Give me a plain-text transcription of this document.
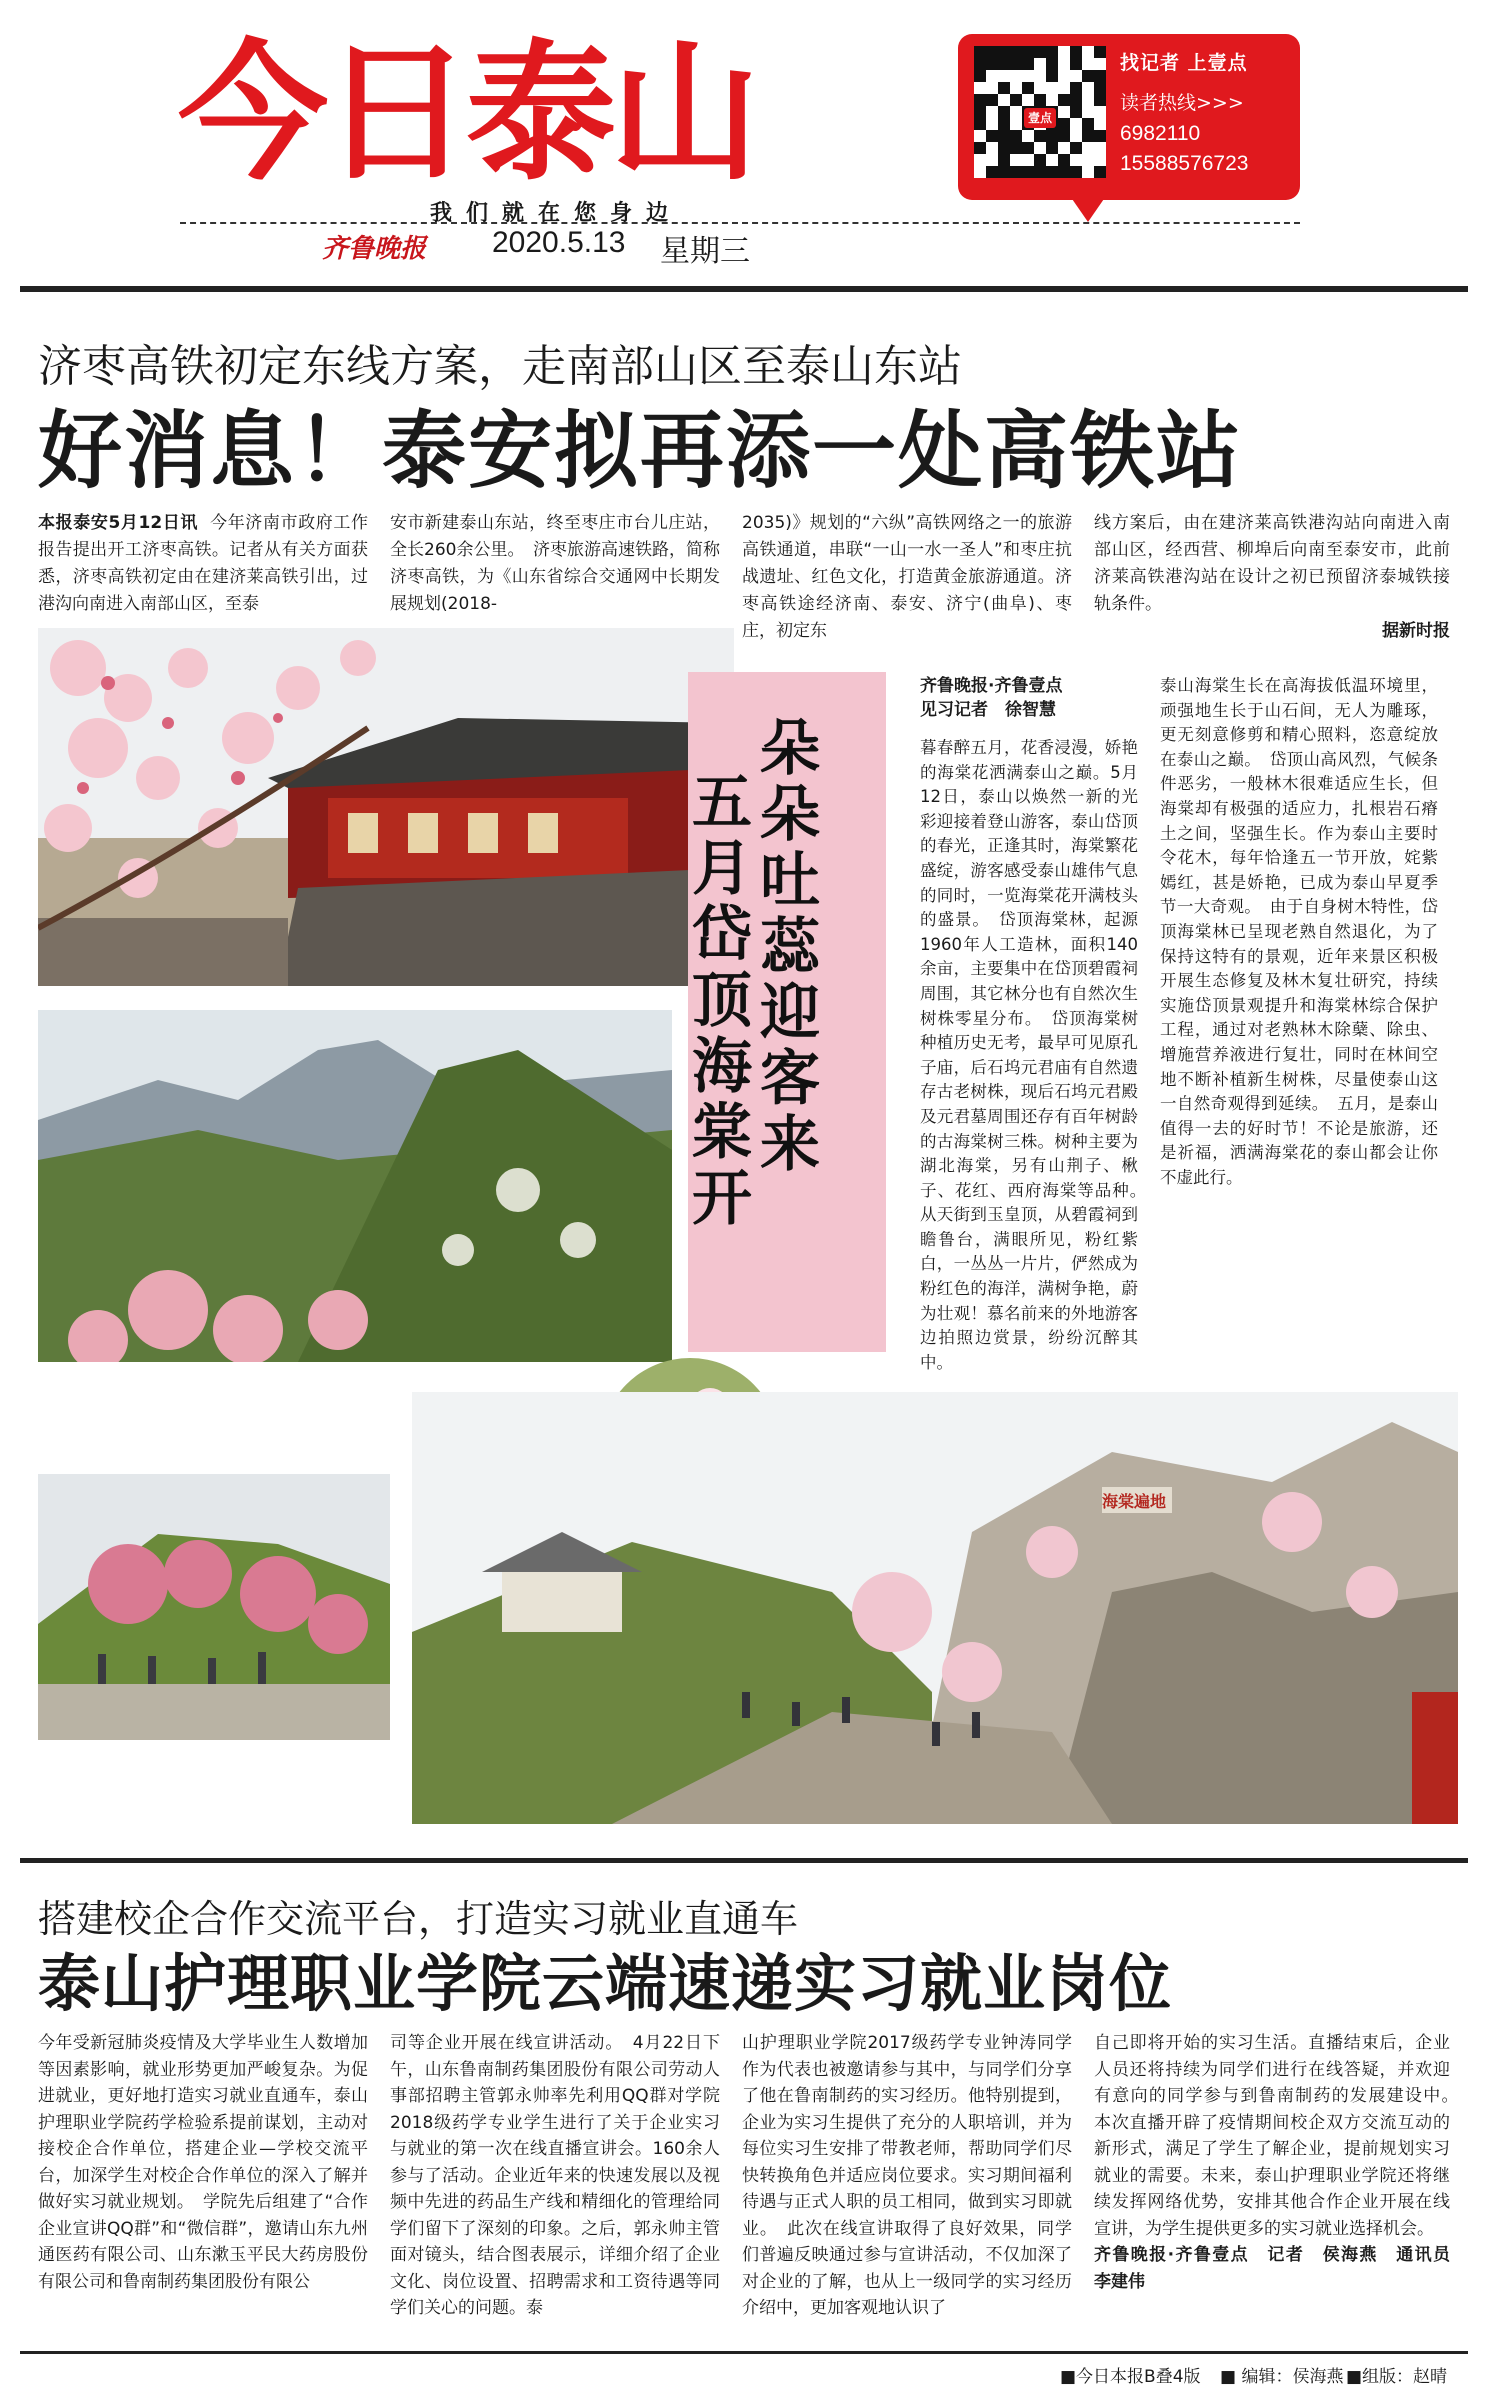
今日泰山
我们就在您身边
齐鲁晚报 2020.5.13 星期三
壹点
找记者 上壹点
读者热线>>>
6982110
15588576723
济枣高铁初定东线方案，走南部山区至泰山东站
好消息！泰安拟再添一处高铁站
本报泰安5月12日讯 今年济南市政府工作报告提出开工济枣高铁。记者从有关方面获悉，济枣高铁初定由在建济莱高铁引出，过港沟向南进入南部山区，至泰
安市新建泰山东站，终至枣庄市台儿庄站，全长260余公里。　济枣旅游高速铁路，简称济枣高铁，为《山东省综合交通网中长期发展规划(2018-
2035)》规划的“六纵”高铁网络之一的旅游高铁通道，串联“一山一水一圣人”和枣庄抗战遗址、红色文化，打造黄金旅游通道。济枣高铁途经济南、泰安、济宁(曲阜)、枣庄，初定东
线方案后，由在建济莱高铁港沟站向南进入南部山区，经西营、柳埠后向南至泰安市，此前济莱高铁港沟站在设计之初已预留济泰城铁接轨条件。
据新时报
朵朵吐蕊迎客来
五月岱顶海棠开
齐鲁晚报·齐鲁壹点
见习记者　徐智慧
暮春醉五月，花香浸漫，娇艳的海棠花洒满泰山之巅。5月12日，泰山以焕然一新的光彩迎接着登山游客，泰山岱顶的春光，正逢其时，海棠繁花盛绽，游客感受泰山雄伟气息的同时，一览海棠花开满枝头的盛景。　岱顶海棠林，起源1960年人工造林，面积140余亩，主要集中在岱顶碧霞祠周围，其它林分也有自然次生树株零星分布。　岱顶海棠树种植历史无考，最早可见原孔子庙，后石坞元君庙有自然遗存古老树株，现后石坞元君殿及元君墓周围还存有百年树龄的古海棠树三株。树种主要为湖北海棠，另有山荆子、楸子、花红、西府海棠等品种。　从天街到玉皇顶，从碧霞祠到瞻鲁台，满眼所见，粉红紫白，一丛丛一片片，俨然成为粉红色的海洋，满树争艳，蔚为壮观！慕名前来的外地游客边拍照边赏景，纷纷沉醉其中。
泰山海棠生长在高海拔低温环境里，顽强地生长于山石间，无人为雕琢，更无刻意修剪和精心照料，恣意绽放在泰山之巅。　岱顶山高风烈，气候条件恶劣，一般林木很难适应生长，但海棠却有极强的适应力，扎根岩石瘠土之间，坚强生长。作为泰山主要时令花木，每年恰逢五一节开放，姹紫嫣红，甚是娇艳，已成为泰山早夏季节一大奇观。　由于自身树木特性，岱顶海棠林已呈现老熟自然退化，为了保持这特有的景观，近年来景区积极开展生态修复及林木复壮研究，持续实施岱顶景观提升和海棠林综合保护工程，通过对老熟林木除蘖、除虫、增施营养液进行复壮，同时在林间空地不断补植新生树株，尽量使泰山这一自然奇观得到延续。　五月，是泰山值得一去的好时节！不论是旅游，还是祈福，洒满海棠花的泰山都会让你不虚此行。
海棠遍地
搭建校企合作交流平台，打造实习就业直通车
泰山护理职业学院云端速递实习就业岗位
今年受新冠肺炎疫情及大学毕业生人数增加等因素影响，就业形势更加严峻复杂。为促进就业，更好地打造实习就业直通车，泰山护理职业学院药学检验系提前谋划，主动对接校企合作单位，搭建企业—学校交流平台，加深学生对校企合作单位的深入了解并做好实习就业规划。　学院先后组建了“合作企业宣讲QQ群”和“微信群”，邀请山东九州通医药有限公司、山东漱玉平民大药房股份有限公司和鲁南制药集团股份有限公
司等企业开展在线宣讲活动。　4月22日下午，山东鲁南制药集团股份有限公司劳动人事部招聘主管郭永帅率先利用QQ群对学院2018级药学专业学生进行了关于企业实习与就业的第一次在线直播宣讲会。160余人参与了活动。企业近年来的快速发展以及视频中先进的药品生产线和精细化的管理给同学们留下了深刻的印象。之后，郭永帅主管面对镜头，结合图表展示，详细介绍了企业文化、岗位设置、招聘需求和工资待遇等同学们关心的问题。泰
山护理职业学院2017级药学专业钟涛同学作为代表也被邀请参与其中，与同学们分享了他在鲁南制药的实习经历。他特别提到，企业为实习生提供了充分的人职培训，并为每位实习生安排了带教老师，帮助同学们尽快转换角色并适应岗位要求。实习期间福利待遇与正式人职的员工相同，做到实习即就业。　此次在线宣讲取得了良好效果，同学们普遍反映通过参与宣讲活动，不仅加深了对企业的了解，也从上一级同学的实习经历介绍中，更加客观地认识了
自己即将开始的实习生活。直播结束后，企业人员还将持续为同学们进行在线答疑，并欢迎有意向的同学参与到鲁南制药的发展建设中。　本次直播开辟了疫情期间校企双方交流互动的新形式，满足了学生了解企业，提前规划实习就业的需要。未来，泰山护理职业学院还将继续发挥网络优势，安排其他合作企业开展在线宣讲，为学生提供更多的实习就业选择机会。
齐鲁晚报·齐鲁壹点　记者　侯海燕　通讯员　李建伟
■今日本报B叠4版 ■ 编辑：侯海燕 ■组版：赵晴
